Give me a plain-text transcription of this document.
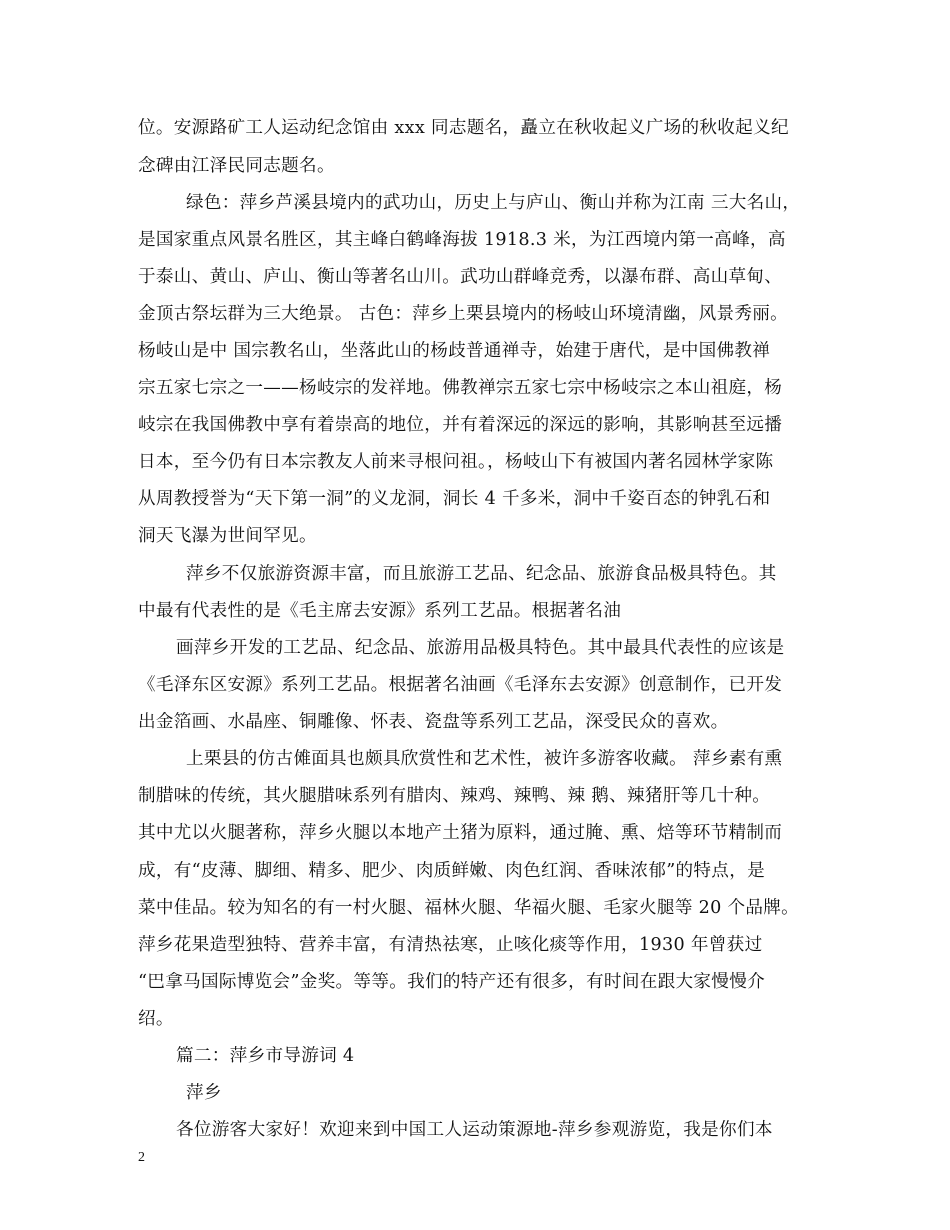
位。安源路矿工人运动纪念馆由 xxx 同志题名，矗立在秋收起义广场的秋收起义纪
念碑由江泽民同志题名。
绿色：萍乡芦溪县境内的武功山，历史上与庐山、衡山并称为江南 三大名山，
是国家重点风景名胜区，其主峰白鹤峰海拔 1918.3 米，为江西境内第一高峰，高
于泰山、黄山、庐山、衡山等著名山川。武功山群峰竞秀，以瀑布群、高山草甸、
金顶古祭坛群为三大绝景。 古色：萍乡上栗县境内的杨岐山环境清幽，风景秀丽。
杨岐山是中 国宗教名山，坐落此山的杨歧普通禅寺，始建于唐代，是中国佛教禅
宗五家七宗之一——杨岐宗的发祥地。佛教禅宗五家七宗中杨岐宗之本山祖庭，杨
岐宗在我国佛教中享有着崇高的地位，并有着深远的深远的影响，其影响甚至远播
日本，至今仍有日本宗教友人前来寻根问祖。，杨岐山下有被国内著名园林学家陈
从周教授誉为“天下第一洞”的义龙洞，洞长 4 千多米，洞中千姿百态的钟乳石和
洞天飞瀑为世间罕见。
萍乡不仅旅游资源丰富，而且旅游工艺品、纪念品、旅游食品极具特色。其
中最有代表性的是《毛主席去安源》系列工艺品。根据著名油
画萍乡开发的工艺品、纪念品、旅游用品极具特色。其中最具代表性的应该是
《毛泽东区安源》系列工艺品。根据著名油画《毛泽东去安源》创意制作，已开发
出金箔画、水晶座、铜雕像、怀表、瓷盘等系列工艺品，深受民众的喜欢。
上栗县的仿古傩面具也颇具欣赏性和艺术性，被许多游客收藏。 萍乡素有熏
制腊味的传统，其火腿腊味系列有腊肉、辣鸡、辣鸭、辣 鹅、辣猪肝等几十种。
其中尤以火腿著称，萍乡火腿以本地产土猪为原料，通过腌、熏、焙等环节精制而
成，有“皮薄、脚细、精多、肥少、肉质鲜嫩、肉色红润、香味浓郁”的特点，是
菜中佳品。较为知名的有一村火腿、福林火腿、华福火腿、毛家火腿等 20 个品牌。
萍乡花果造型独特、营养丰富，有清热祛寒，止咳化痰等作用，1930 年曾获过
“巴拿马国际博览会”金奖。等等。我们的特产还有很多，有时间在跟大家慢慢介
绍。
篇二：萍乡市导游词 4
萍乡
各位游客大家好！欢迎来到中国工人运动策源地-萍乡参观游览，我是你们本
2
